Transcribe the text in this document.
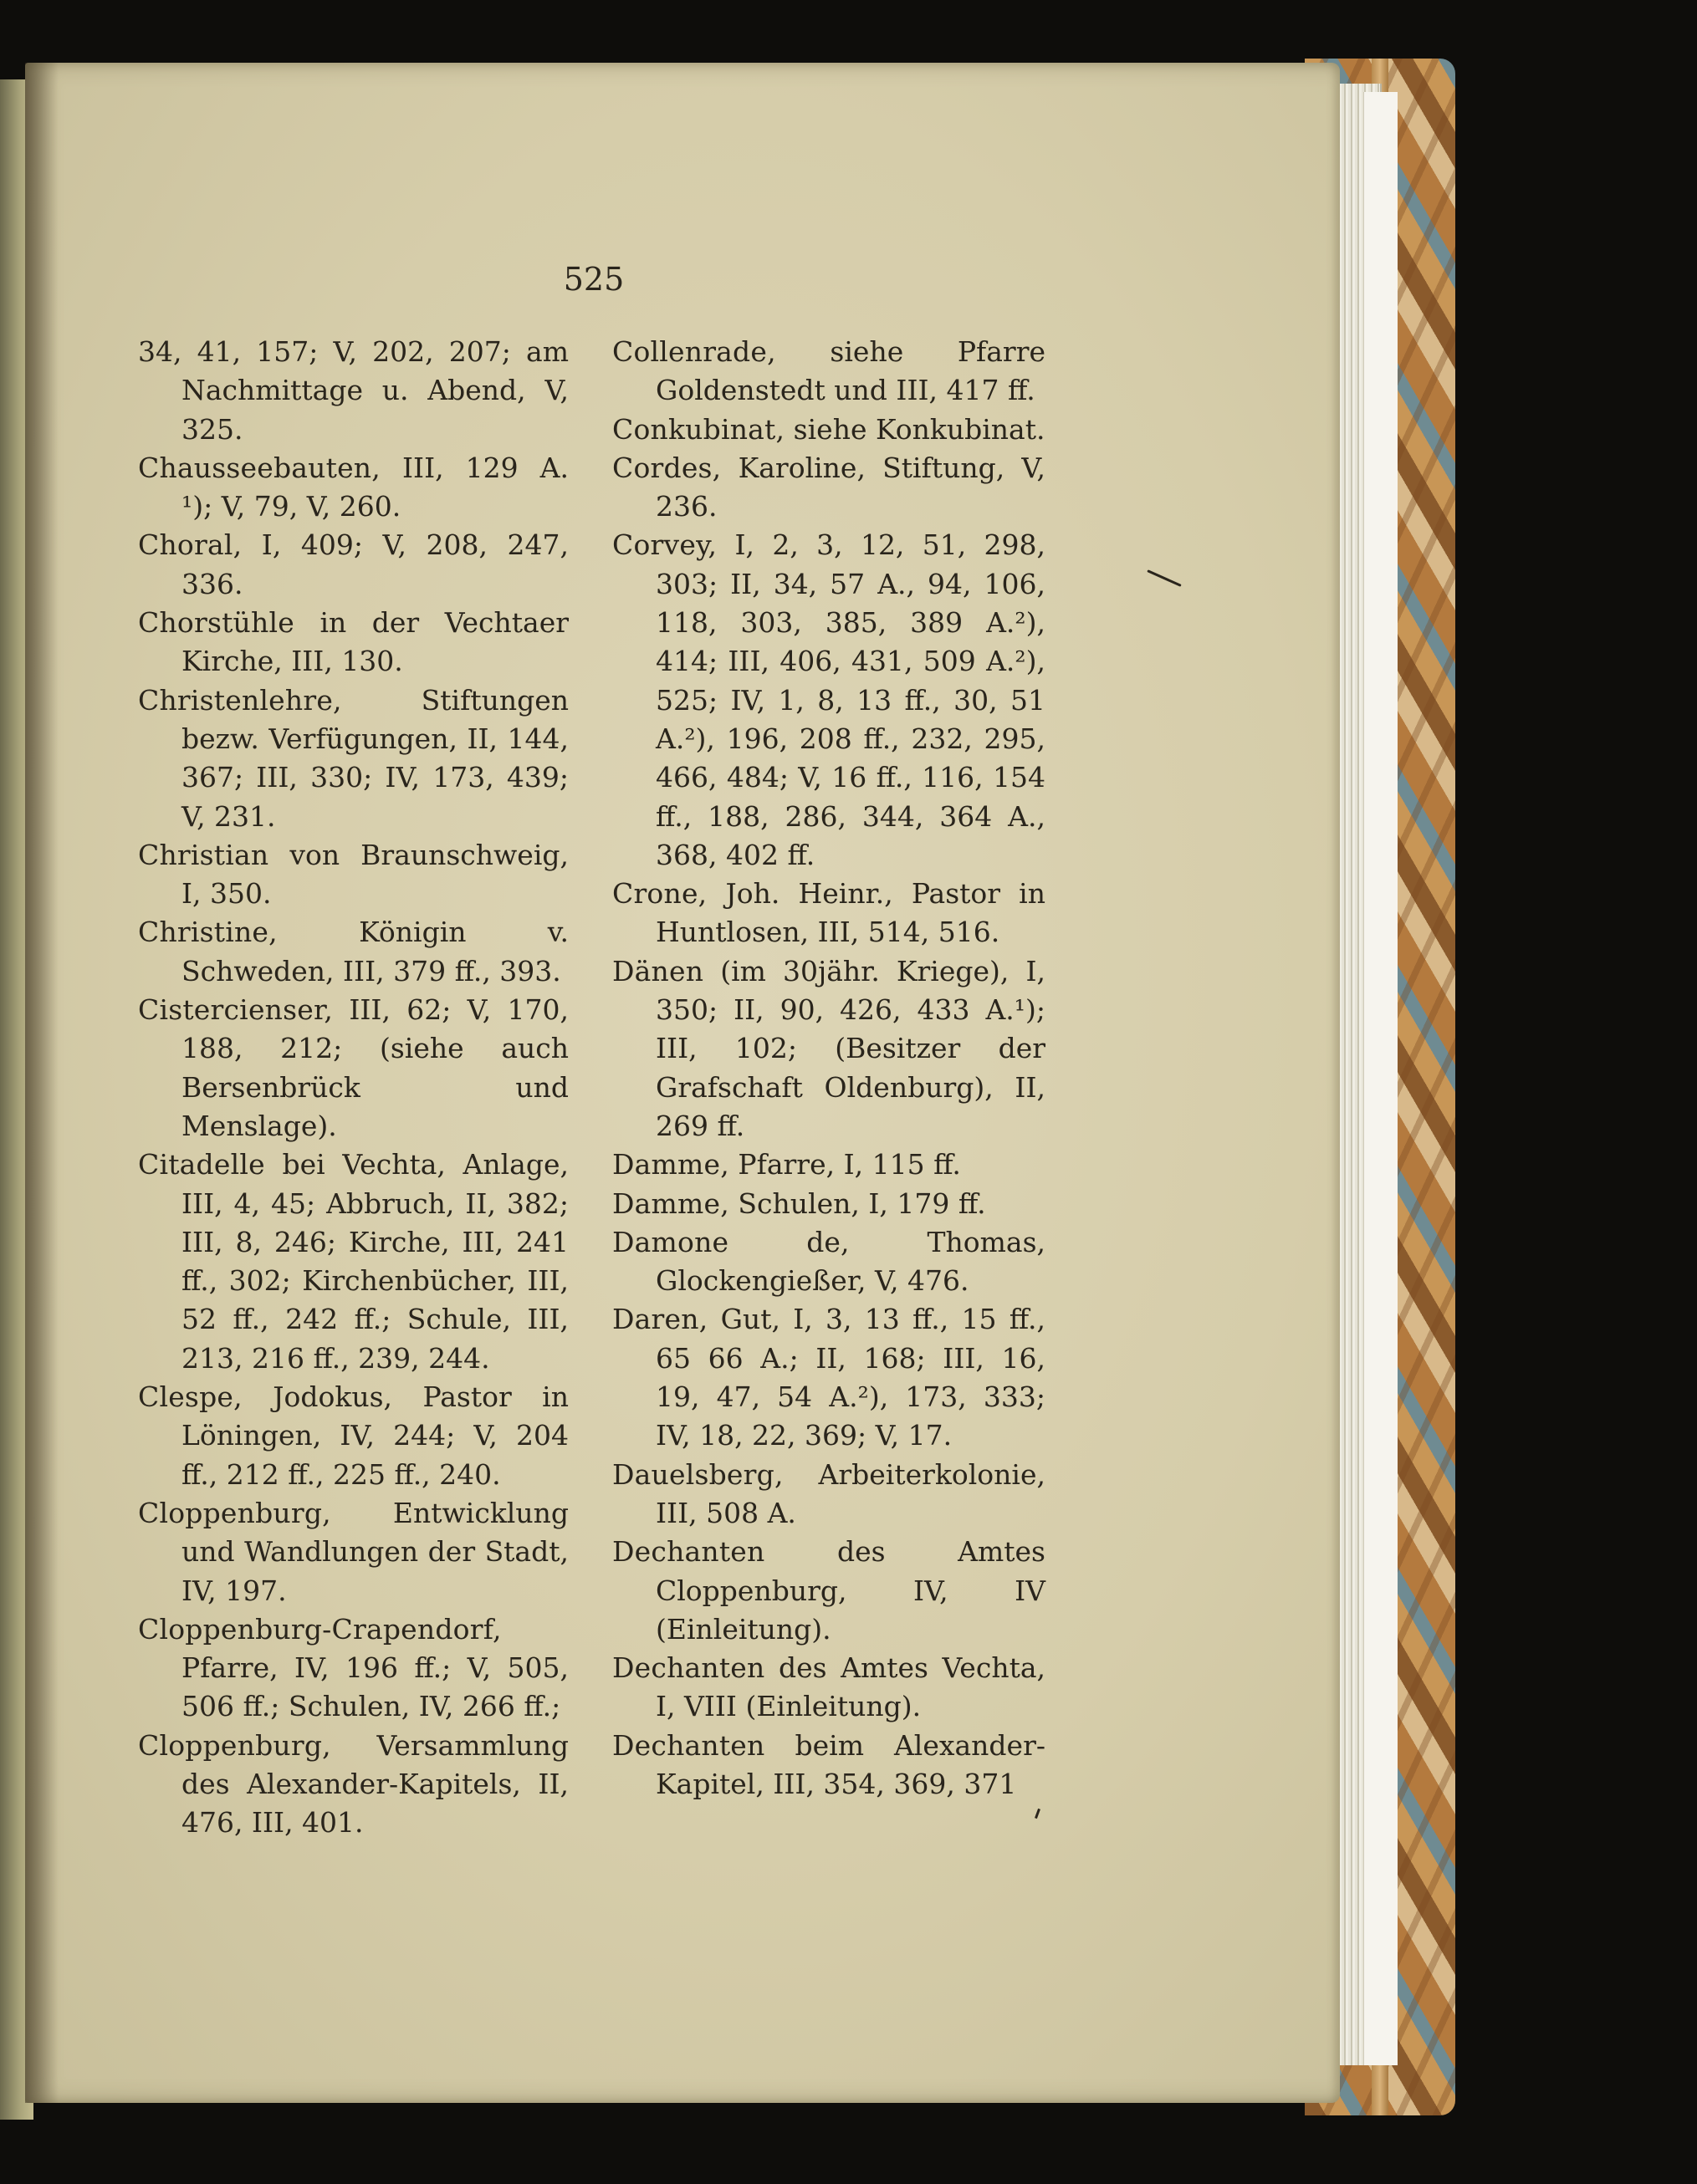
525

34, 41, 157; V, 202, 207; am Nachmittage u. Abend, V, 325.

Chausseebauten, III, 129 A. ¹); V, 79, V, 260.

Choral, I, 409; V, 208, 247, 336.

Chorstühle in der Vechtaer Kirche, III, 130.

Christenlehre, Stiftungen bezw. Verfügungen, II, 144, 367; III, 330; IV, 173, 439; V, 231.

Christian von Braunschweig, I, 350.

Christine, Königin v. Schweden, III, 379 ff., 393.

Cistercienser, III, 62; V, 170, 188, 212; (siehe auch Bersenbrück und Menslage).

Citadelle bei Vechta, Anlage, III, 4, 45; Abbruch, II, 382; III, 8, 246; Kirche, III, 241 ff., 302; Kirchenbücher, III, 52 ff., 242 ff.; Schule, III, 213, 216 ff., 239, 244.

Clespe, Jodokus, Pastor in Löningen, IV, 244; V, 204 ff., 212 ff., 225 ff., 240.

Cloppenburg, Entwicklung und Wandlungen der Stadt, IV, 197.

Cloppenburg-Crapendorf, Pfarre, IV, 196 ff.; V, 505, 506 ff.; Schulen, IV, 266 ff.;

Cloppenburg, Versammlung des Alexander-Kapitels, II, 476, III, 401.

Collenrade, siehe Pfarre Goldenstedt und III, 417 ff.

Conkubinat, siehe Konkubinat.

Cordes, Karoline, Stiftung, V, 236.

Corvey, I, 2, 3, 12, 51, 298, 303; II, 34, 57 A., 94, 106, 118, 303, 385, 389 A.²), 414; III, 406, 431, 509 A.²), 525; IV, 1, 8, 13 ff., 30, 51 A.²), 196, 208 ff., 232, 295, 466, 484; V, 16 ff., 116, 154 ff., 188, 286, 344, 364 A., 368, 402 ff.

Crone, Joh. Heinr., Pastor in Huntlosen, III, 514, 516.

Dänen (im 30jähr. Kriege), I, 350; II, 90, 426, 433 A.¹); III, 102; (Besitzer der Grafschaft Oldenburg), II, 269 ff.

Damme, Pfarre, I, 115 ff.

Damme, Schulen, I, 179 ff.

Damone de, Thomas, Glockengießer, V, 476.

Daren, Gut, I, 3, 13 ff., 15 ff., 65 66 A.; II, 168; III, 16, 19, 47, 54 A.²), 173, 333; IV, 18, 22, 369; V, 17.

Dauelsberg, Arbeiterkolonie, III, 508 A.

Dechanten des Amtes Cloppenburg, IV, IV (Einleitung).

Dechanten des Amtes Vechta, I, VIII (Einleitung).

Dechanten beim Alexander-Kapitel, III, 354, 369, 371
